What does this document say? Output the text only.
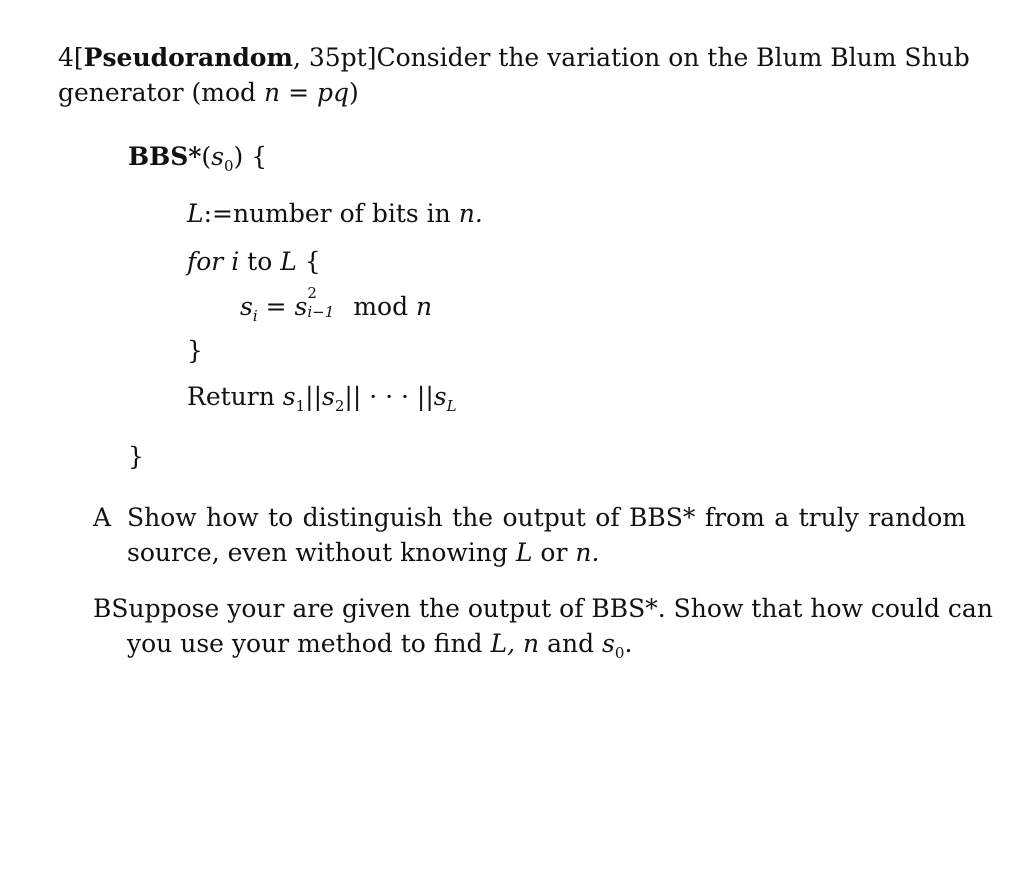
4[Pseudorandom, 35pt] Consider the variation on the Blum Blum Shub
generator (mod n = pq)
$BBS*(s_0)$ {
L:=number of bits in n.
for i to L {
$s_i = s$ 2
i−1 mod n
}
Return $s_1||s_2||$ · · · $||s_L$
}
A Show how to distinguish the output of BBS* from a truly random
source, even without knowing L or n.
B Suppose your are given the output of BBS*. Show that how could can
you use your method to find L, n and $s_0$.
